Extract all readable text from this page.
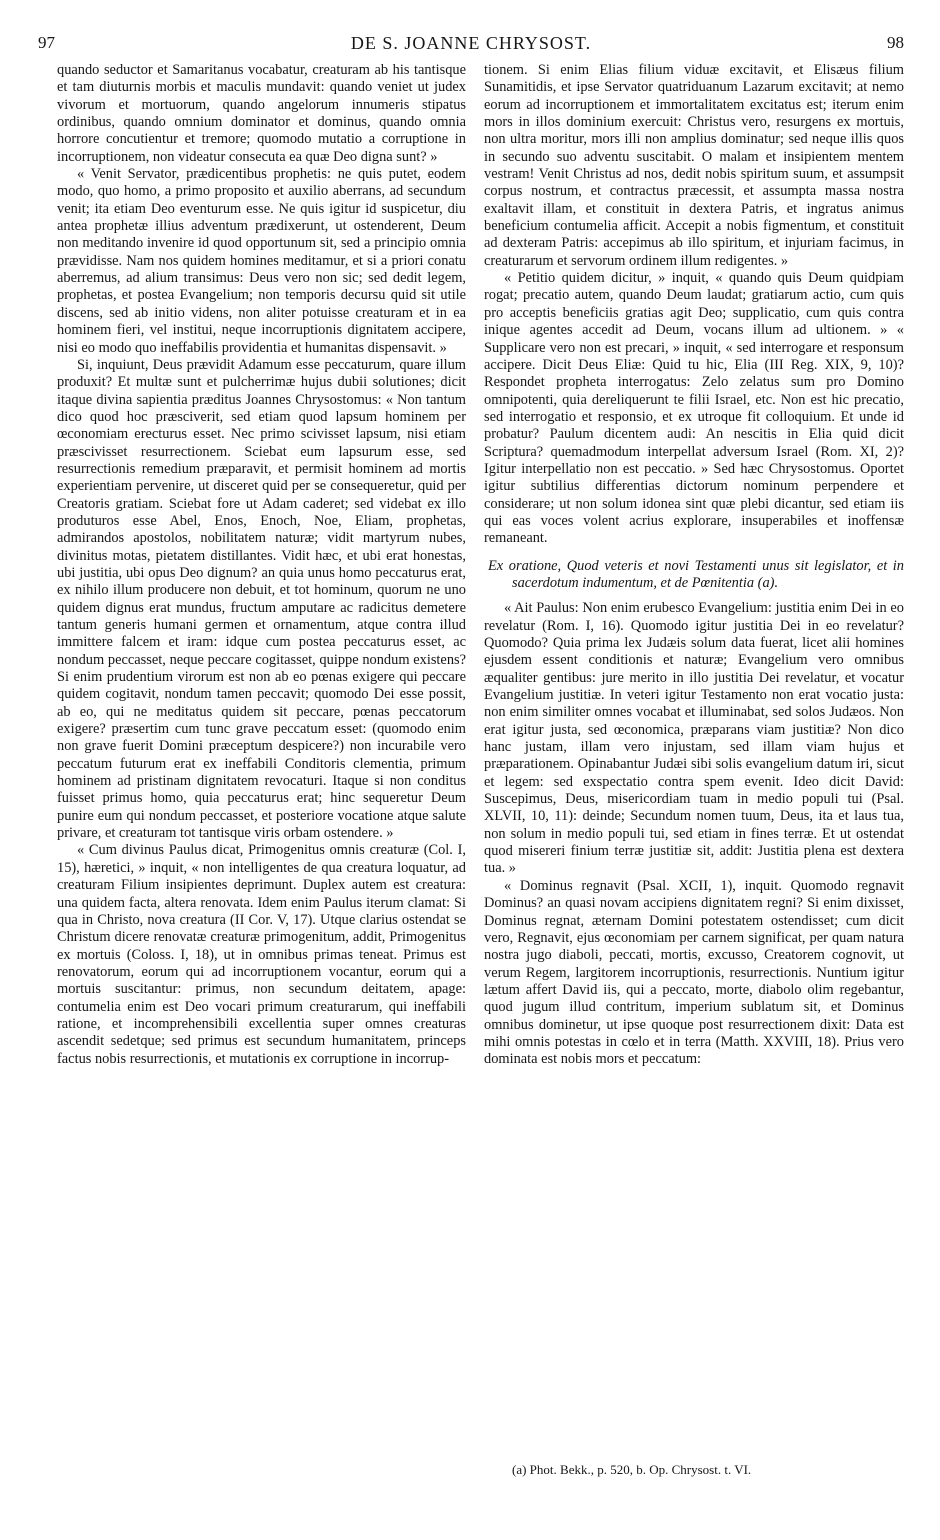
97	DE S. JOANNE CHRYSOST.	98

quando seductor et Samaritanus vocabatur, creaturam ab his tantisque et tam diuturnis morbis et maculis mundavit: quando veniet ut judex vivorum et mortuorum, quando angelorum innumeris stipatus ordinibus, quando omnium dominator et dominus, quando omnia horrore concutientur et tremore; quomodo mutatio a corruptione in incorruptionem, non videatur consecuta ea quæ Deo digna sunt? »

« Venit Servator, prædicentibus prophetis: ne quis putet, eodem modo, quo homo, a primo proposito et auxilio aberrans, ad secundum venit; ita etiam Deo eventurum esse. Ne quis igitur id suspicetur, diu antea prophetæ illius adventum prædixerunt, ut ostenderent, Deum non meditando invenire id quod opportunum sit, sed a principio omnia prævidisse. Nam nos quidem homines meditamur, et si a priori conatu aberremus, ad alium transimus: Deus vero non sic; sed dedit legem, prophetas, et postea Evangelium; non temporis decursu quid sit utile discens, sed ab initio videns, non aliter potuisse creaturam et in ea hominem fieri, vel institui, neque incorruptionis dignitatem accipere, nisi eo modo quo ineffabilis providentia et humanitas dispensavit. »

Si, inquiunt, Deus prævidit Adamum esse peccaturum, quare illum produxit? Et multæ sunt et pulcherrimæ hujus dubii solutiones; dicit itaque divina sapientia præditus Joannes Chrysostomus: « Non tantum dico quod hoc præsciverit, sed etiam quod lapsum hominem per œconomiam erecturus esset. Nec primo scivisset lapsum, nisi etiam præscivisset resurrectionem. Sciebat eum lapsurum esse, sed resurrectionis remedium præparavit, et permisit hominem ad mortis experientiam pervenire, ut disceret quid per se consequeretur, quid per Creatoris gratiam. Sciebat fore ut Adam caderet; sed videbat ex illo produturos esse Abel, Enos, Enoch, Noe, Eliam, prophetas, admirandos apostolos, nobilitatem naturæ; vidit martyrum nubes, divinitus motas, pietatem distillantes. Vidit hæc, et ubi erat honestas, ubi justitia, ubi opus Deo dignum? an quia unus homo peccaturus erat, ex nihilo illum producere non debuit, et tot hominum, quorum ne uno quidem dignus erat mundus, fructum amputare ac radicitus demetere tantum generis humani germen et ornamentum, atque contra illud immittere falcem et iram: idque cum postea peccaturus esset, ac nondum peccasset, neque peccare cogitasset, quippe nondum existens? Si enim prudentium virorum est non ab eo pœnas exigere qui peccare quidem cogitavit, nondum tamen peccavit; quomodo Dei esse possit, ab eo, qui ne meditatus quidem sit peccare, pœnas peccatorum exigere? præsertim cum tunc grave peccatum esset: (quomodo enim non grave fuerit Domini præceptum despicere?) non incurabile vero peccatum futurum erat ex ineffabili Conditoris clementia, primum hominem ad pristinam dignitatem revocaturi. Itaque si non conditus fuisset primus homo, quia peccaturus erat; hinc sequeretur Deum punire eum qui nondum peccasset, et posteriore vocatione atque salute privare, et creaturam tot tantisque viris orbam ostendere. »

« Cum divinus Paulus dicat, Primogenitus omnis creaturæ (Col. I, 15), hæretici, » inquit, « non intelligentes de qua creatura loquatur, ad creaturam Filium insipientes deprimunt. Duplex autem est creatura: una quidem facta, altera renovata. Idem enim Paulus iterum clamat: Si qua in Christo, nova creatura (II Cor. V, 17). Utque clarius ostendat se Christum dicere renovatæ creaturæ primogenitum, addit, Primogenitus ex mortuis (Coloss. I, 18), ut in omnibus primas teneat. Primus est renovatorum, eorum qui ad incorruptionem vocantur, eorum qui a mortuis suscitantur: primus, non secundum deitatem, apage: contumelia enim est Deo vocari primum creaturarum, qui ineffabili ratione, et incomprehensibili excellentia super omnes creaturas ascendit sedetque; sed primus est secundum humanitatem, princeps factus nobis resurrectionis, et mutationis ex corruptione in incorrup-

tionem. Si enim Elias filium viduæ excitavit, et Elisæus filium Sunamitidis, et ipse Servator quatriduanum Lazarum excitavit; at nemo eorum ad incorruptionem et immortalitatem excitatus est; iterum enim mors in illos dominium exercuit: Christus vero, resurgens ex mortuis, non ultra moritur, mors illi non amplius dominatur; sed neque illis quos in secundo suo adventu suscitabit. O malam et insipientem mentem vestram! Venit Christus ad nos, dedit nobis spiritum suum, et assumpsit corpus nostrum, et contractus præcessit, et assumpta massa nostra exaltavit illam, et constituit in dextera Patris, et ingratus animus beneficium contumelia afficit. Accepit a nobis figmentum, et constituit ad dexteram Patris: accepimus ab illo spiritum, et injuriam facimus, in creaturarum et servorum ordinem illum redigentes. »

« Petitio quidem dicitur, » inquit, « quando quis Deum quidpiam rogat; precatio autem, quando Deum laudat; gratiarum actio, cum quis pro acceptis beneficiis gratias agit Deo; supplicatio, cum quis contra inique agentes accedit ad Deum, vocans illum ad ultionem. » « Supplicare vero non est precari, » inquit, « sed interrogare et responsum accipere. Dicit Deus Eliæ: Quid tu hic, Elia (III Reg. XIX, 9, 10)? Respondet propheta interrogatus: Zelo zelatus sum pro Domino omnipotenti, quia dereliquerunt te filii Israel, etc. Non est hic precatio, sed interrogatio et responsio, et ex utroque fit colloquium. Et unde id probatur? Paulum dicentem audi: An nescitis in Elia quid dicit Scriptura? quemadmodum interpellat adversum Israel (Rom. XI, 2)? Igitur interpellatio non est peccatio. » Sed hæc Chrysostomus. Oportet igitur subtilius differentias dictorum nominum perpendere et considerare; ut non solum idonea sint quæ plebi dicantur, sed etiam iis qui eas voces volent acrius explorare, insuperabiles et inoffensæ remaneant.

Ex oratione, Quod veteris et novi Testamenti unus sit legislator, et in sacerdotum indumentum, et de Pœnitentia (a).

« Ait Paulus: Non enim erubesco Evangelium: justitia enim Dei in eo revelatur (Rom. I, 16). Quomodo igitur justitia Dei in eo revelatur? Quomodo? Quia prima lex Judæis solum data fuerat, licet alii homines ejusdem essent conditionis et naturæ; Evangelium vero omnibus æqualiter gentibus: jure merito in illo justitia Dei revelatur, et vocatur Evangelium justitiæ. In veteri igitur Testamento non erat vocatio justa: non enim similiter omnes vocabat et illuminabat, sed solos Judæos. Non erat igitur justa, sed œconomica, præparans viam justitiæ? Non dico hanc justam, illam vero injustam, sed illam viam hujus et præparationem. Opinabantur Judæi sibi solis evangelium datum iri, sicut et legem: sed exspectatio contra spem evenit. Ideo dicit David: Suscepimus, Deus, misericordiam tuam in medio populi tui (Psal. XLVII, 10, 11): deinde; Secundum nomen tuum, Deus, ita et laus tua, non solum in medio populi tui, sed etiam in fines terræ. Et ut ostendat quod misereri finium terræ justitiæ sit, addit: Justitia plena est dextera tua. »

« Dominus regnavit (Psal. XCII, 1), inquit. Quomodo regnavit Dominus? an quasi novam accipiens dignitatem regni? Si enim dixisset, Dominus regnat, æternam Domini potestatem ostendisset; cum dicit vero, Regnavit, ejus œconomiam per carnem significat, per quam natura nostra jugo diaboli, peccati, mortis, excusso, Creatorem cognovit, ut verum Regem, largitorem incorruptionis, resurrectionis. Nuntium igitur lætum affert David iis, qui a peccato, morte, diabolo olim regebantur, quod jugum illud contritum, imperium sublatum sit, et Dominus omnibus dominetur, ut ipse quoque post resurrectionem dixit: Data est mihi omnis potestas in cœlo et in terra (Matth. XXVIII, 18). Prius vero dominata est nobis mors et peccatum:

(a) Phot. Bekk., p. 520, b. Op. Chrysost. t. VI.
